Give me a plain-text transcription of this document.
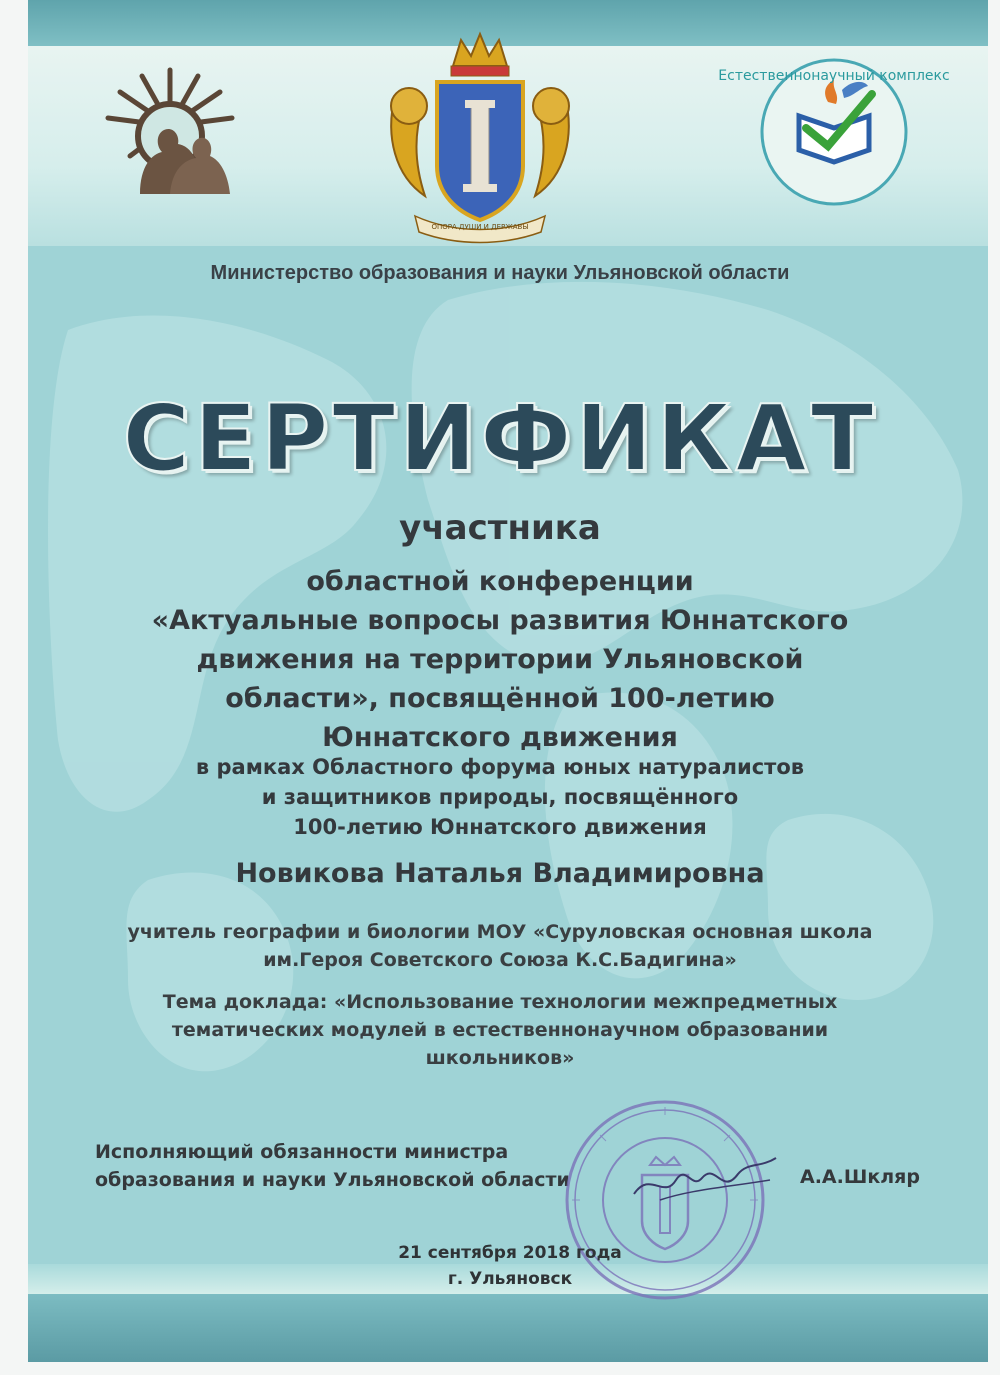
ОПОРА ДУШИ И ДЕРЖАВЫ
Естественнонаучный комплекс
Министерство образования и науки Ульяновской области
СЕРТИФИКАТ
участника
областной конференции
«Актуальные вопросы развития Юннатского
движения на территории Ульяновской
области», посвящённой 100-летию
Юннатского движения
в рамках Областного форума юных натуралистов
и защитников природы, посвящённого
100-летию Юннатского движения
Новикова Наталья Владимировна
учитель географии и биологии МОУ «Суруловская основная школа
им.Героя Советского Союза К.С.Бадигина»
Тема доклада: «Использование технологии межпредметных
тематических модулей в естественнонаучном образовании
школьников»
Исполняющий обязанности министра
образования и науки Ульяновской области	А.А.Шкляр
21 сентября 2018 года
г. Ульяновск
